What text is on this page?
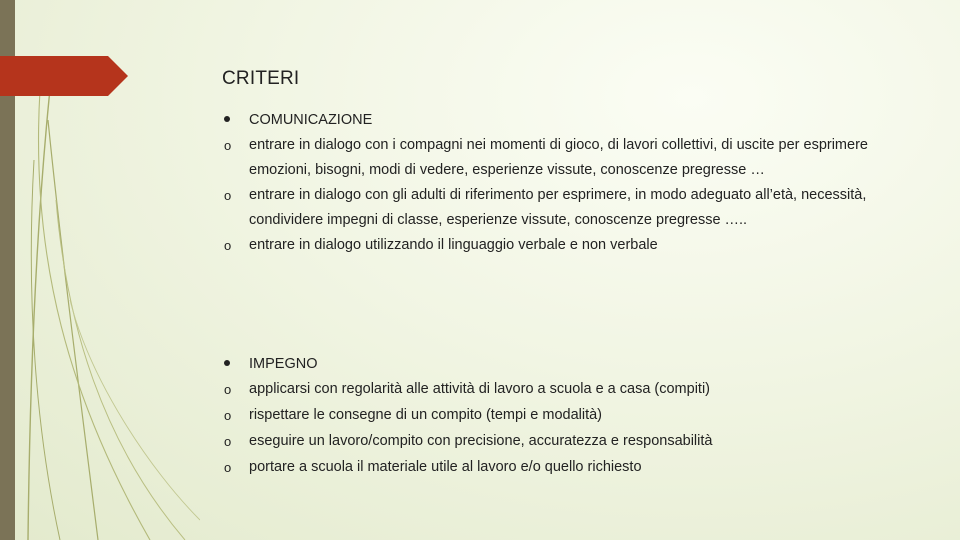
CRITERI
COMUNICAZIONE
o	entrare in dialogo con i compagni nei momenti di gioco, di lavori collettivi, di uscite per esprimere emozioni, bisogni, modi di vedere, esperienze vissute, conoscenze pregresse …
o	entrare in dialogo con gli adulti di riferimento per esprimere, in modo adeguato all’età, necessità, condividere impegni di classe, esperienze vissute, conoscenze pregresse …..
o	entrare in dialogo utilizzando il linguaggio verbale e non verbale
IMPEGNO
o	applicarsi con regolarità alle attività di lavoro a scuola e a casa (compiti)
o	rispettare le consegne di un compito (tempi e modalità)
o	eseguire un lavoro/compito con precisione, accuratezza e responsabilità
o	portare a scuola il materiale utile al lavoro e/o quello richiesto
